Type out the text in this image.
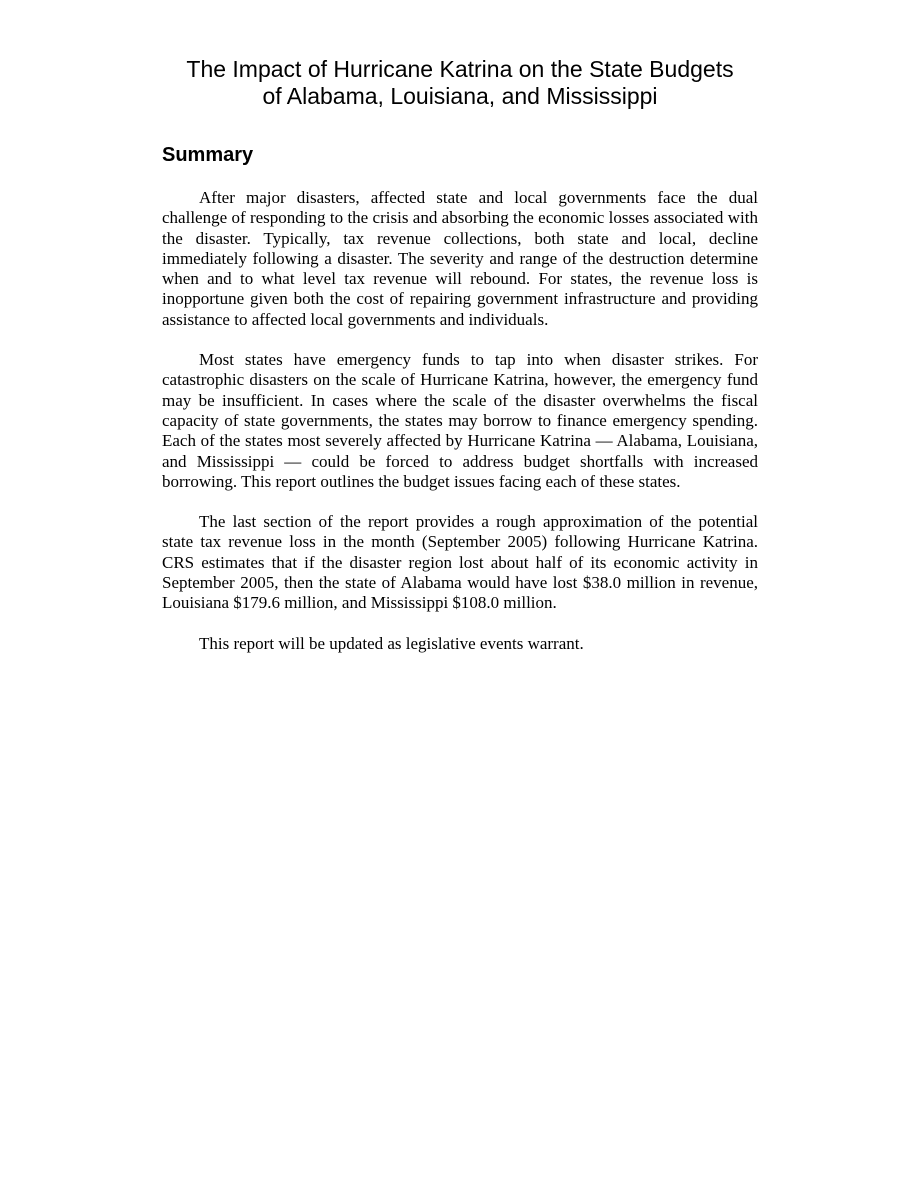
The Impact of Hurricane Katrina on the State Budgets
of Alabama, Louisiana, and Mississippi
Summary

After major disasters, affected state and local governments face the dual challenge of responding to the crisis and absorbing the economic losses associated with the disaster. Typically, tax revenue collections, both state and local, decline immediately following a disaster. The severity and range of the destruction determine when and to what level tax revenue will rebound. For states, the revenue loss is inopportune given both the cost of repairing government infrastructure and providing assistance to affected local governments and individuals.

Most states have emergency funds to tap into when disaster strikes. For catastrophic disasters on the scale of Hurricane Katrina, however, the emergency fund may be insufficient. In cases where the scale of the disaster overwhelms the fiscal capacity of state governments, the states may borrow to finance emergency spending. Each of the states most severely affected by Hurricane Katrina — Alabama, Louisiana, and Mississippi — could be forced to address budget shortfalls with increased borrowing. This report outlines the budget issues facing each of these states.

The last section of the report provides a rough approximation of the potential state tax revenue loss in the month (September 2005) following Hurricane Katrina. CRS estimates that if the disaster region lost about half of its economic activity in September 2005, then the state of Alabama would have lost $38.0 million in revenue, Louisiana $179.6 million, and Mississippi $108.0 million.

This report will be updated as legislative events warrant.
